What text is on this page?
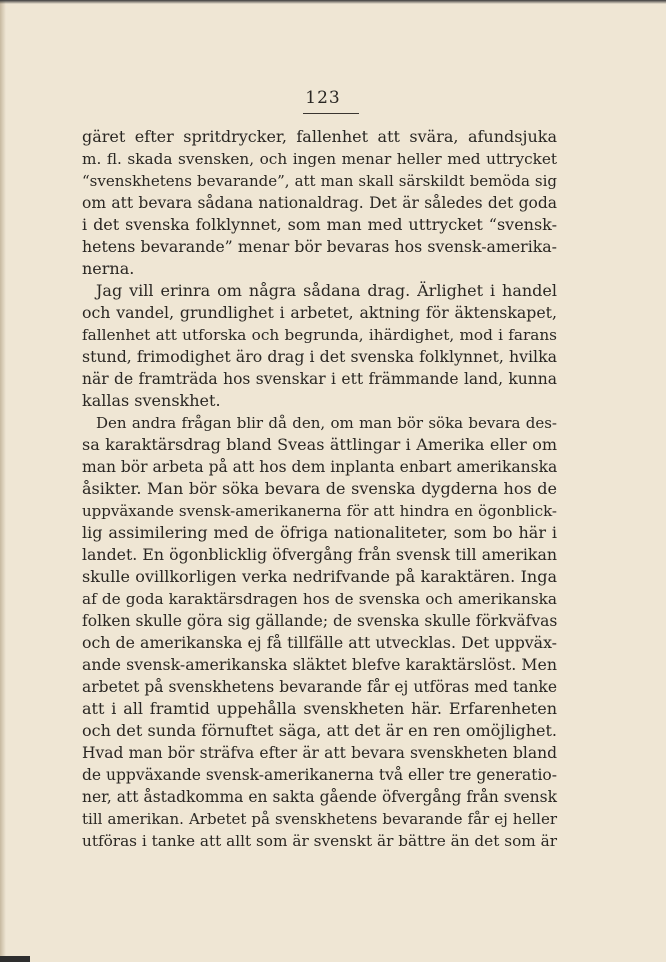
123
gäret efter spritdrycker, fallenhet att svära, afundsjuka
m. fl. skada svensken, och ingen menar heller med uttrycket
“svenskhetens bevarande”, att man skall särskildt bemöda sig
om att bevara sådana nationaldrag. Det är således det goda
i det svenska folklynnet, som man med uttrycket “svensk-
hetens bevarande” menar bör bevaras hos svensk-amerika-
nerna.
Jag vill erinra om några sådana drag. Ärlighet i handel
och vandel, grundlighet i arbetet, aktning för äktenskapet,
fallenhet att utforska och begrunda, ihärdighet, mod i farans
stund, frimodighet äro drag i det svenska folklynnet, hvilka
när de framträda hos svenskar i ett främmande land, kunna
kallas svenskhet.
Den andra frågan blir då den, om man bör söka bevara des-
sa karaktärsdrag bland Sveas ättlingar i Amerika eller om
man bör arbeta på att hos dem inplanta enbart amerikanska
åsikter. Man bör söka bevara de svenska dygderna hos de
uppväxande svensk-amerikanerna för att hindra en ögonblick-
lig assimilering med de öfriga nationaliteter, som bo här i
landet. En ögonblicklig öfvergång från svensk till amerikan
skulle ovillkorligen verka nedrifvande på karaktären. Inga
af de goda karaktärsdragen hos de svenska och amerikanska
folken skulle göra sig gällande; de svenska skulle förkväfvas
och de amerikanska ej få tillfälle att utvecklas. Det uppväx-
ande svensk-amerikanska släktet blefve karaktärslöst. Men
arbetet på svenskhetens bevarande får ej utföras med tanke
att i all framtid uppehålla svenskheten här. Erfarenheten
och det sunda förnuftet säga, att det är en ren omöjlighet.
Hvad man bör sträfva efter är att bevara svenskheten bland
de uppväxande svensk-amerikanerna två eller tre generatio-
ner, att åstadkomma en sakta gående öfvergång från svensk
till amerikan. Arbetet på svenskhetens bevarande får ej heller
utföras i tanke att allt som är svenskt är bättre än det som är
